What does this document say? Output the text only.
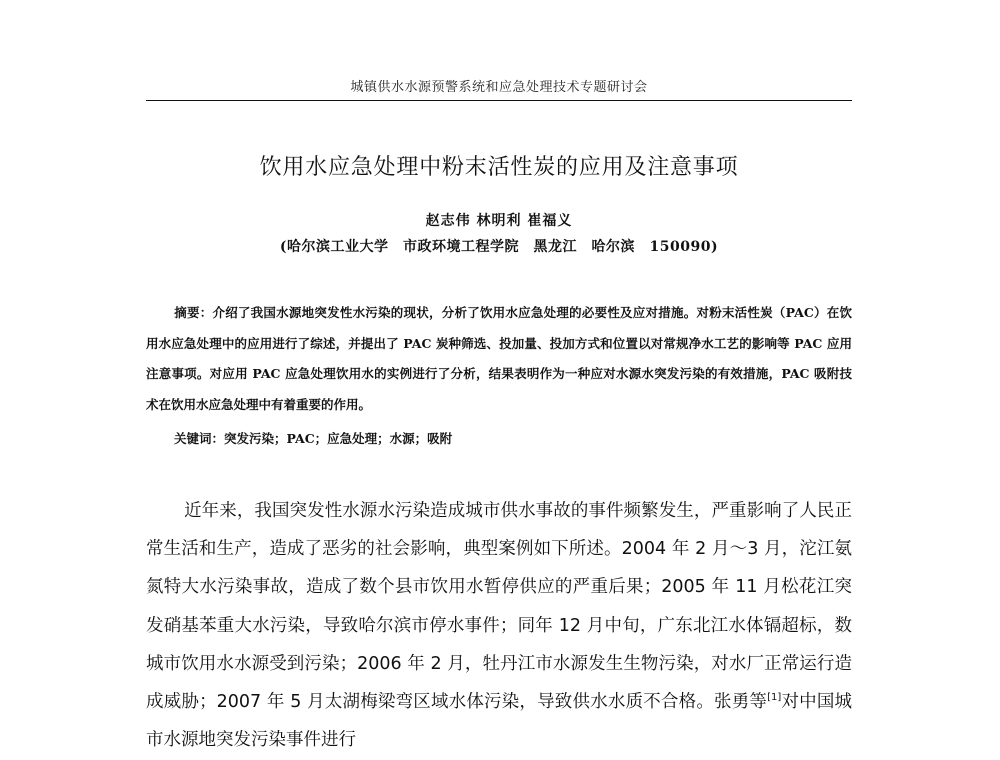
城镇供水水源预警系统和应急处理技术专题研讨会
饮用水应急处理中粉末活性炭的应用及注意事项
赵志伟 林明利 崔福义
(哈尔滨工业大学　市政环境工程学院　黑龙江　哈尔滨　150090)
摘要：介绍了我国水源地突发性水污染的现状，分析了饮用水应急处理的必要性及应对措施。对粉末活性炭（PAC）在饮用水应急处理中的应用进行了综述，并提出了 PAC 炭种筛选、投加量、投加方式和位置以对常规净水工艺的影响等 PAC 应用注意事项。对应用 PAC 应急处理饮用水的实例进行了分析，结果表明作为一种应对水源水突发污染的有效措施，PAC 吸附技术在饮用水应急处理中有着重要的作用。
关键词：突发污染；PAC；应急处理；水源；吸附
近年来，我国突发性水源水污染造成城市供水事故的事件频繁发生，严重影响了人民正常生活和生产，造成了恶劣的社会影响，典型案例如下所述。2004 年 2 月～3 月，沱江氨氮特大水污染事故，造成了数个县市饮用水暂停供应的严重后果；2005 年 11 月松花江突发硝基苯重大水污染，导致哈尔滨市停水事件；同年 12 月中旬，广东北江水体镉超标，数城市饮用水水源受到污染；2006 年 2 月，牡丹江市水源发生生物污染，对水厂正常运行造成威胁；2007 年 5 月太湖梅梁弯区域水体污染，导致供水水质不合格。张勇等[1]对中国城市水源地突发污染事件进行
